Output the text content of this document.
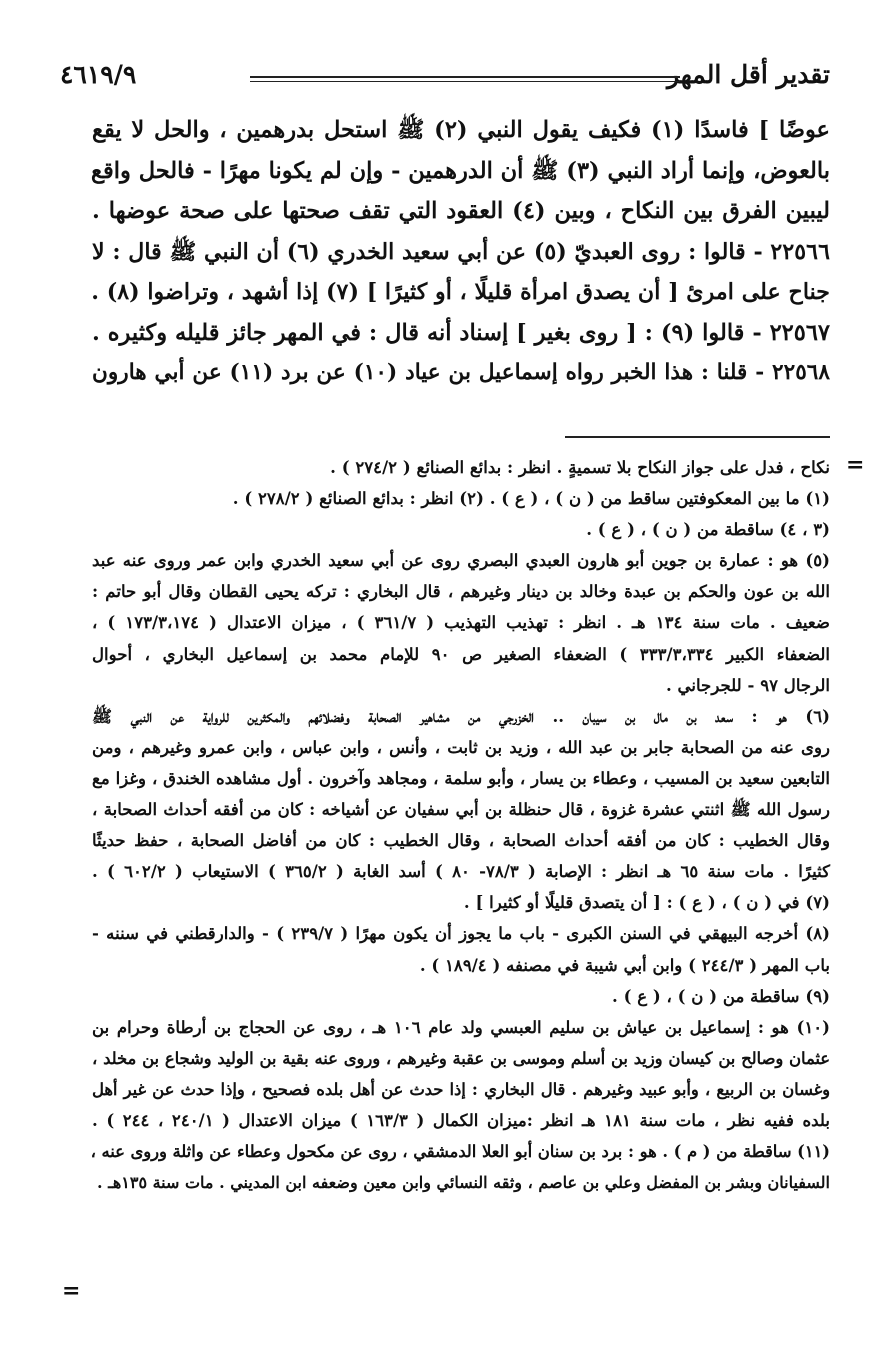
تقدير أقل المهر
٤٦١٩/٩

عوضًا ] فاسدًا (١) فكيف يقول النبي (٢) ﷺ استحل بدرهمين ، والحل لا يقع

بالعوض، وإنما أراد النبي (٣) ﷺ أن الدرهمين - وإن لم يكونا مهرًا - فالحل واقع

ليبين الفرق بين النكاح ، وبين (٤) العقود التي تقف صحتها على صحة عوضها .

٢٢٥٦٦ - قالوا : روى العبديّ (٥) عن أبي سعيد الخدري (٦) أن النبي ﷺ قال : لا

جناح على امرئ [ أن يصدق امرأة قليلًا ، أو كثيرًا ] (٧) إذا أشهد ، وتراضوا (٨) .

٢٢٥٦٧ - قالوا (٩) : [ روى بغير ] إسناد أنه قال : في المهر جائز قليله وكثيره .

٢٢٥٦٨ - قلنا : هذا الخبر رواه إسماعيل بن عياد (١٠) عن برد (١١) عن أبي هارون

=

نكاح ، فدل على جواز النكاح بلا تسميةٍ . انظر : بدائع الصنائع ( ٢٧٤/٢ ) .

(١) ما بين المعكوفتين ساقط من ( ن ) ، ( ع ) . (٢) انظر : بدائع الصنائع ( ٢٧٨/٢ ) .

(٣ ، ٤) ساقطة من ( ن ) ، ( ع ) .

(٥) هو : عمارة بن جوين أبو هارون العبدي البصري روى عن أبي سعيد الخدري وابن عمر وروى عنه عبد

الله بن عون والحكم بن عبدة وخالد بن دينار وغيرهم ، قال البخاري : تركه يحيى القطان وقال أبو حاتم :

ضعيف . مات سنة ١٣٤ هـ . انظر : تهذيب التهذيب ( ٣٦١/٧ ) ، ميزان الاعتدال ( ١٧٣/٣،١٧٤ ) ،

الضعفاء الكبير ٣٣٣/٣،٣٣٤ ) الضعفاء الصغير ص ٩٠ للإمام محمد بن إسماعيل البخاري ، أحوال

الرجال ٩٧ - للجرجاني .

(٦) هو : سعد بن مال بن سيبان .. الخزرجي من مشاهير الصحابة وفضلائهم والمكثرين للرواية عن النبي ﷺ

روى عنه من الصحابة جابر بن عبد الله ، وزيد بن ثابت ، وأنس ، وابن عباس ، وابن عمرو وغيرهم ، ومن

التابعين سعيد بن المسيب ، وعطاء بن يسار ، وأبو سلمة ، ومجاهد وآخرون . أول مشاهده الخندق ، وغزا مع

رسول الله ﷺ اثنتي عشرة غزوة ، قال حنظلة بن أبي سفيان عن أشياخه : كان من أفقه أحداث الصحابة ،

وقال الخطيب : كان من أفقه أحداث الصحابة ، وقال الخطيب : كان من أفاضل الصحابة ، حفظ حديثًا

كثيرًا . مات سنة ٦٥ هـ انظر : الإصابة ( ٧٨/٣- ٨٠ ) أسد الغابة ( ٣٦٥/٢ ) الاستيعاب ( ٦٠٢/٢ ) .

(٧) في ( ن ) ، ( ع ) : [ أن يتصدق قليلًا أو كثيرا ] .

(٨) أخرجه البيهقي في السنن الكبرى - باب ما يجوز أن يكون مهرًا ( ٢٣٩/٧ ) - والدارقطني في سننه -

باب المهر ( ٢٤٤/٣ ) وابن أبي شيبة في مصنفه ( ١٨٩/٤ ) .

(٩) ساقطة من ( ن ) ، ( ع ) .

(١٠) هو : إسماعيل بن عياش بن سليم العبسي ولد عام ١٠٦ هـ ، روى عن الحجاج بن أرطاة وحرام بن

عثمان وصالح بن كيسان وزيد بن أسلم وموسى بن عقبة وغيرهم ، وروى عنه بقية بن الوليد وشجاع بن مخلد ،

وغسان بن الربيع ، وأبو عبيد وغيرهم . قال البخاري : إذا حدث عن أهل بلده فصحيح ، وإذا حدث عن غير أهل

بلده ففيه نظر ، مات سنة ١٨١ هـ انظر :ميزان الكمال ( ١٦٣/٣ ) ميزان الاعتدال ( ٢٤٠/١ ، ٢٤٤ ) .

(١١) ساقطة من ( م ) . هو : برد بن سنان أبو العلا الدمشقي ، روى عن مكحول وعطاء عن واثلة وروى عنه ،

السفيانان وبشر بن المفضل وعلي بن عاصم ، وثقه النسائي وابن معين وضعفه ابن المديني . مات سنة ١٣٥هـ .

=
